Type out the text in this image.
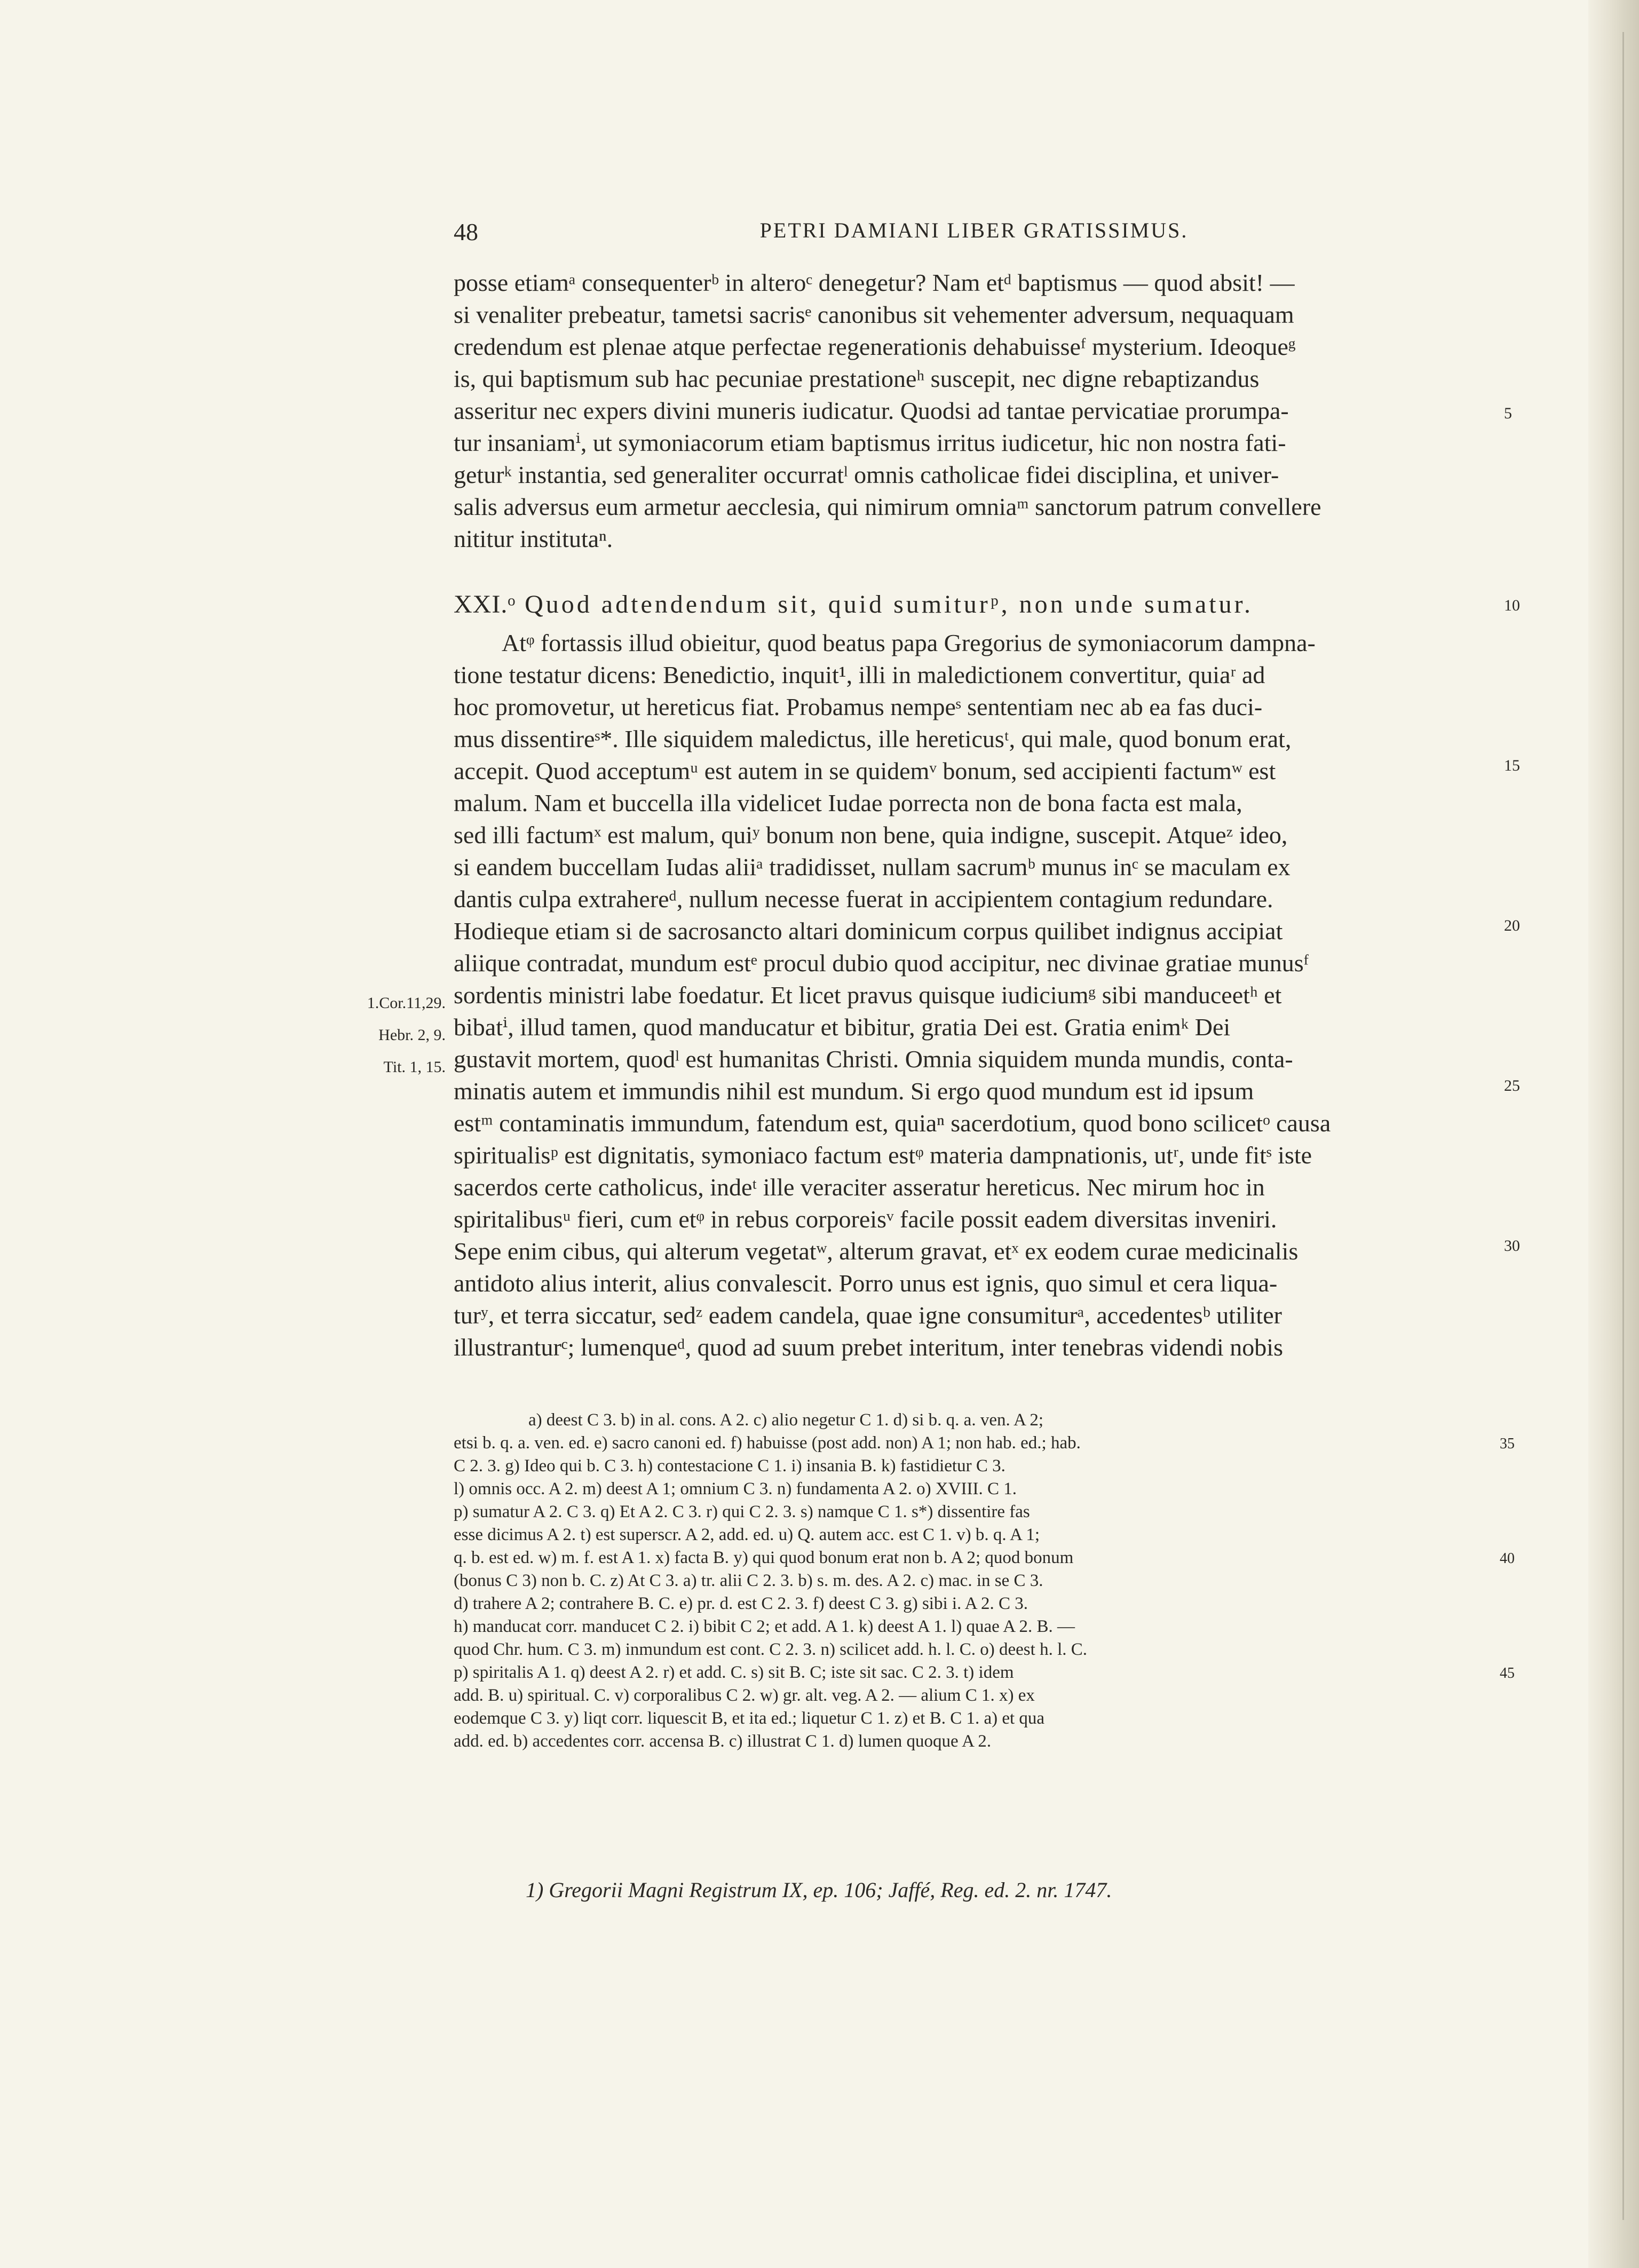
48	PETRI DAMIANI LIBER GRATISSIMUS.
posse etiamᵃ consequenterᵇ in alteroᶜ denegetur? Nam etᵈ baptismus — quod absit! —
si venaliter prebeatur, tametsi sacrisᵉ canonibus sit vehementer adversum, nequaquam
credendum est plenae atque perfectae regenerationis dehabuisseᶠ mysterium. Ideoqueᵍ
is, qui baptismum sub hac pecuniae prestationeʰ suscepit, nec digne rebaptizandus
asseritur nec expers divini muneris iudicatur. Quodsi ad tantae pervicatiae prorumpa-
tur insaniamⁱ, ut symoniacorum etiam baptismus irritus iudicetur, hic non nostra fati-
geturᵏ instantia, sed generaliter occurratˡ omnis catholicae fidei disciplina, et univer-
salis adversus eum armetur aecclesia, qui nimirum omniaᵐ sanctorum patrum convellere
nititur institutaⁿ.
XXI.ᵒ Quod adtendendum sit, quid sumiturᵖ, non unde sumatur.
Atᵠ fortassis illud obieitur, quod beatus papa Gregorius de symoniacorum dampna-
tione testatur dicens: Benedictio, inquit¹, illi in maledictionem convertitur, quiaʳ ad
hoc promovetur, ut hereticus fiat. Probamus nempeˢ sententiam nec ab ea fas duci-
mus dissentireˢ*. Ille siquidem maledictus, ille hereticusᵗ, qui male, quod bonum erat,
accepit. Quod acceptumᵘ est autem in se quidemᵛ bonum, sed accipienti factumʷ est
malum. Nam et buccella illa videlicet Iudae porrecta non de bona facta est mala,
sed illi factumˣ est malum, quiʸ bonum non bene, quia indigne, suscepit. Atqueᶻ ideo,
si eandem buccellam Iudas aliiᵃ tradidisset, nullam sacrumᵇ munus inᶜ se maculam ex
dantis culpa extrahereᵈ, nullum necesse fuerat in accipientem contagium redundare.
Hodieque etiam si de sacrosancto altari dominicum corpus quilibet indignus accipiat
aliique contradat, mundum estᵉ procul dubio quod accipitur, nec divinae gratiae munusᶠ
sordentis ministri labe foedatur. Et licet pravus quisque iudiciumᵍ sibi manduceetʰ et
bibatⁱ, illud tamen, quod manducatur et bibitur, gratia Dei est. Gratia enimᵏ Dei
gustavit mortem, quodˡ est humanitas Christi. Omnia siquidem munda mundis, conta-
minatis autem et immundis nihil est mundum. Si ergo quod mundum est id ipsum
estᵐ contaminatis immundum, fatendum est, quiaⁿ sacerdotium, quod bono scilicetᵒ causa
spiritualisᵖ est dignitatis, symoniaco factum estᵠ materia dampnationis, utʳ, unde fitˢ iste
sacerdos certe catholicus, indeᵗ ille veraciter asseratur hereticus. Nec mirum hoc in
spiritalibusᵘ fieri, cum etᵠ in rebus corporeisᵛ facile possit eadem diversitas inveniri.
Sepe enim cibus, qui alterum vegetatʷ, alterum gravat, etˣ ex eodem curae medicinalis
antidoto alius interit, alius convalescit. Porro unus est ignis, quo simul et cera liqua-
turʸ, et terra siccatur, sedᶻ eadem candela, quae igne consumiturᵃ, accedentesᵇ utiliter
illustranturᶜ; lumenqueᵈ, quod ad suum prebet interitum, inter tenebras videndi nobis
1.Cor.11,29.
Hebr. 2, 9.
Tit. 1, 15.
5
10
15
20
25
30
a) deest C 3. b) in al. cons. A 2. c) alio negetur C 1. d) si b. q. a. ven. A 2;
etsi b. q. a. ven. ed. e) sacro canoni ed. f) habuisse (post add. non) A 1; non hab. ed.; hab.
C 2. 3. g) Ideo qui b. C 3. h) contestacione C 1. i) insania B. k) fastidietur C 3.
l) omnis occ. A 2. m) deest A 1; omnium C 3. n) fundamenta A 2. o) XVIII. C 1.
p) sumatur A 2. C 3. q) Et A 2. C 3. r) qui C 2. 3. s) namque C 1. s*) dissentire fas
esse dicimus A 2. t) est superscr. A 2, add. ed. u) Q. autem acc. est C 1. v) b. q. A 1;
q. b. est ed. w) m. f. est A 1. x) facta B. y) qui quod bonum erat non b. A 2; quod bonum
(bonus C 3) non b. C. z) At C 3. a) tr. alii C 2. 3. b) s. m. des. A 2. c) mac. in se C 3.
d) trahere A 2; contrahere B. C. e) pr. d. est C 2. 3. f) deest C 3. g) sibi i. A 2. C 3.
h) manducat corr. manducet C 2. i) bibit C 2; et add. A 1. k) deest A 1. l) quae A 2. B. —
quod Chr. hum. C 3. m) inmundum est cont. C 2. 3. n) scilicet add. h. l. C. o) deest h. l. C.
p) spiritalis A 1. q) deest A 2. r) et add. C. s) sit B. C; iste sit sac. C 2. 3. t) idem
add. B. u) spiritual. C. v) corporalibus C 2. w) gr. alt. veg. A 2. — alium C 1. x) ex
eodemque C 3. y) liqt corr. liquescit B, et ita ed.; liquetur C 1. z) et B. C 1. a) et qua
add. ed. b) accedentes corr. accensa B. c) illustrat C 1. d) lumen quoque A 2.
35
40
45
1) Gregorii Magni Registrum IX, ep. 106; Jaffé, Reg. ed. 2. nr. 1747.
